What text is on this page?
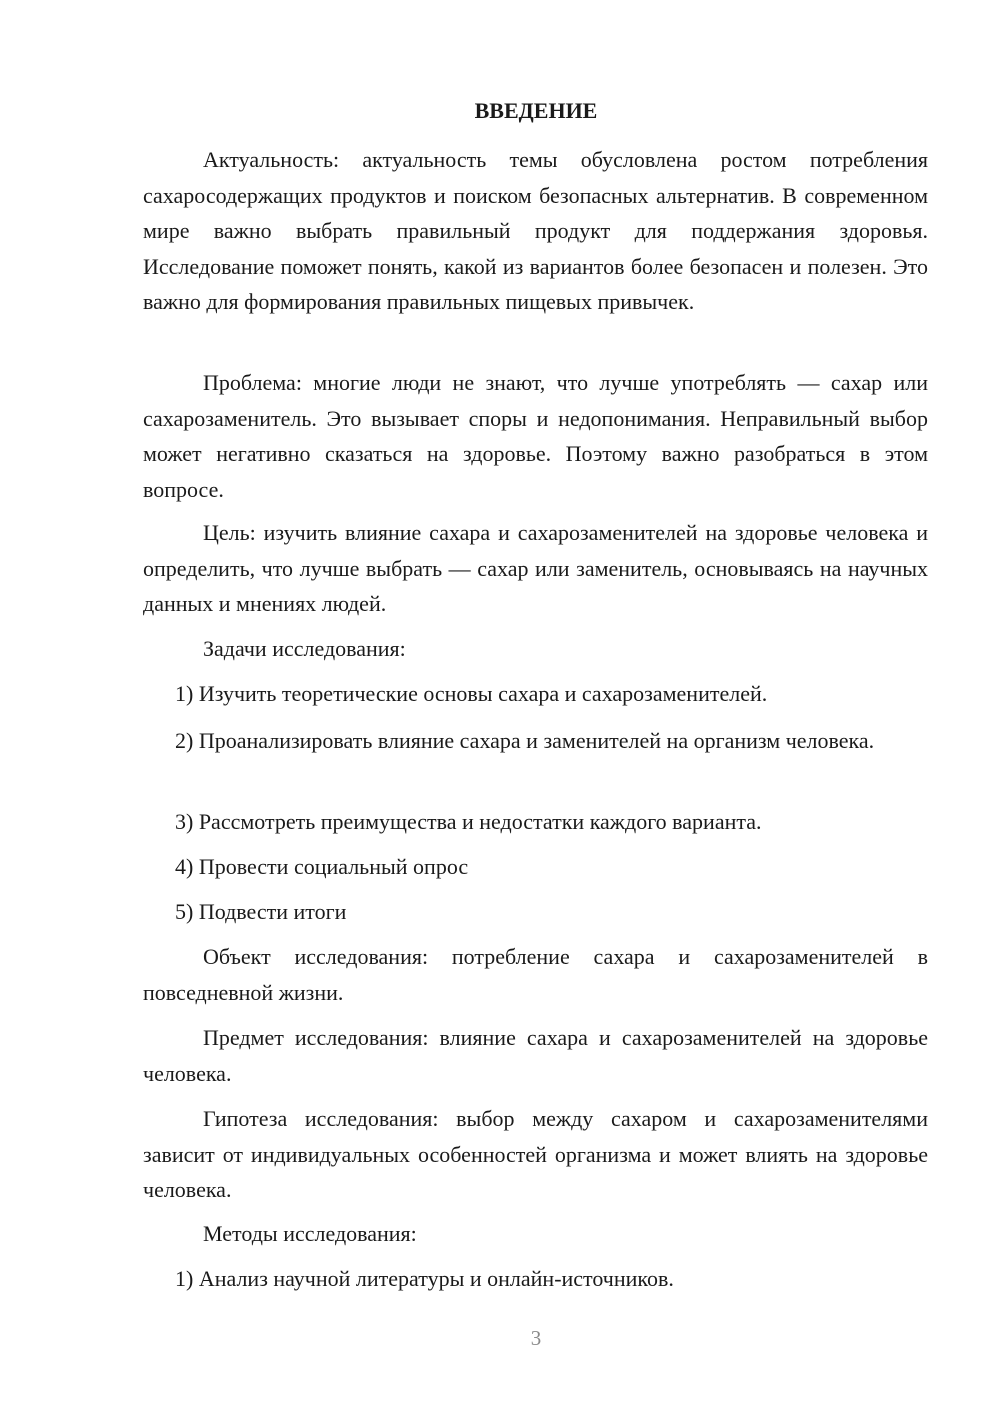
ВВЕДЕНИЕ

Актуальность: актуальность темы обусловлена ростом потребления сахаросодержащих продуктов и поиском безопасных альтернатив. В современном мире важно выбрать правильный продукт для поддержания здоровья. Исследование поможет понять, какой из вариантов более безопасен и полезен. Это важно для формирования правильных пищевых привычек.

Проблема: многие люди не знают, что лучше употреблять — сахар или сахарозаменитель. Это вызывает споры и недопонимания. Неправильный выбор может негативно сказаться на здоровье. Поэтому важно разобраться в этом вопросе.

Цель: изучить влияние сахара и сахарозаменителей на здоровье человека и определить, что лучше выбрать — сахар или заменитель, основываясь на научных данных и мнениях людей.

Задачи исследования:

1) Изучить теоретические основы сахара и сахарозаменителей.

2) Проанализировать влияние сахара и заменителей на организм человека.

3) Рассмотреть преимущества и недостатки каждого варианта.

4) Провести социальный опрос

5) Подвести итоги

Объект исследования: потребление сахара и сахарозаменителей в повседневной жизни.

Предмет исследования: влияние сахара и сахарозаменителей на здоровье человека.

Гипотеза исследования: выбор между сахаром и сахарозаменителями зависит от индивидуальных особенностей организма и может влиять на здоровье человека.

Методы исследования:

1) Анализ научной литературы и онлайн-источников.

3
